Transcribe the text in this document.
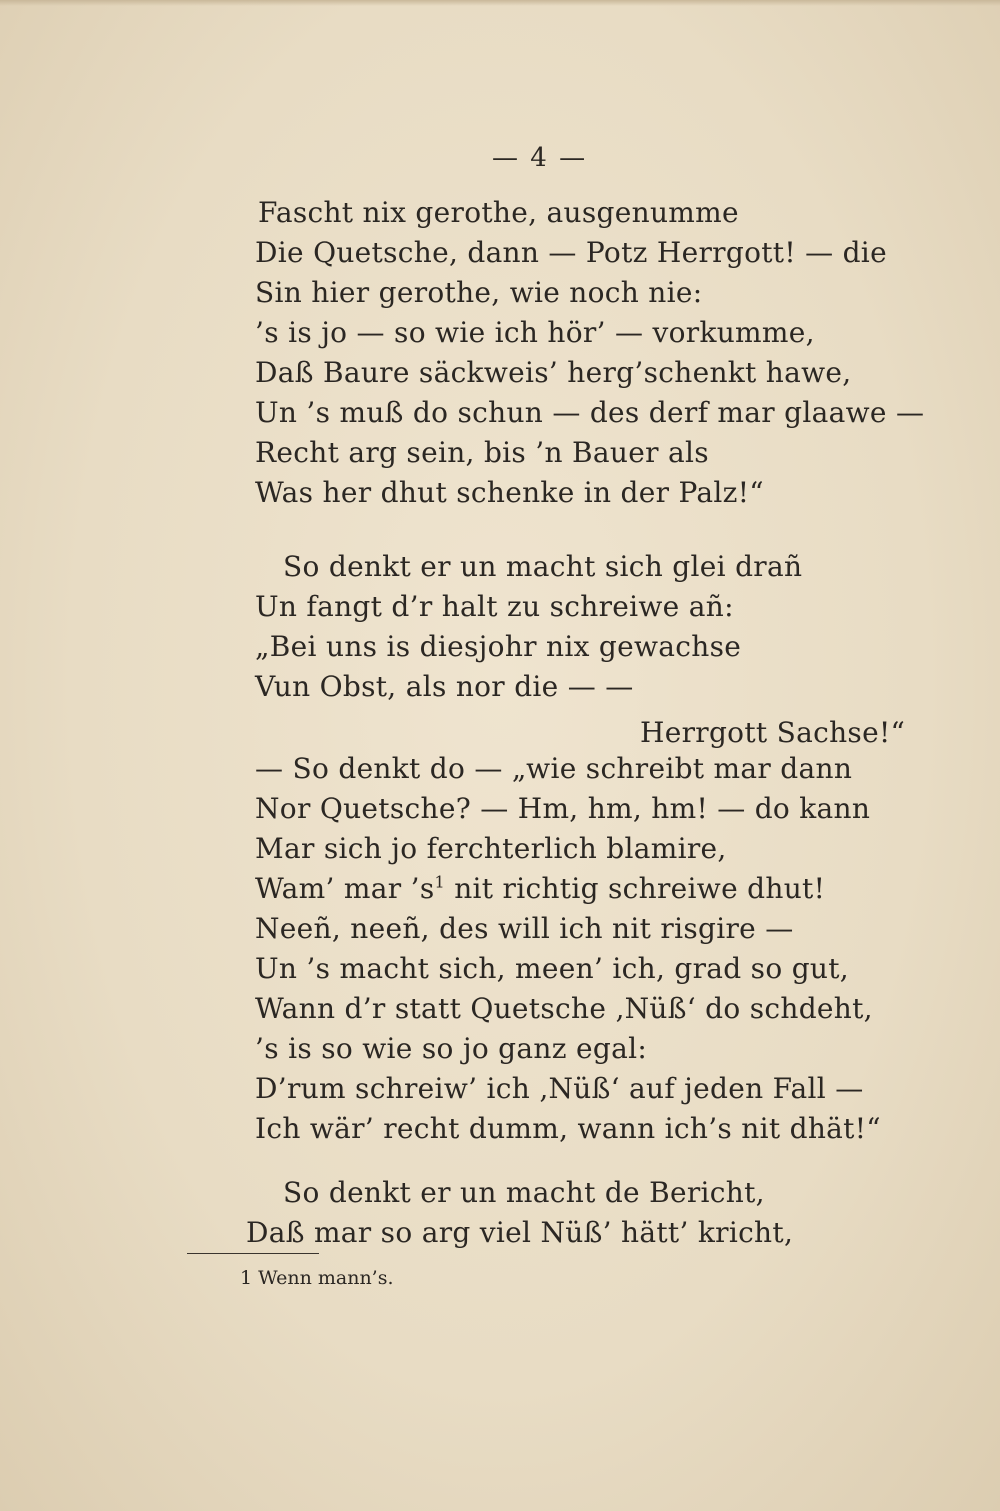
— 4 —
Fascht nix gerothe, ausgenumme
Die Quetsche, dann — Potz Herrgott! — die
Sin hier gerothe, wie noch nie:
’s is jo — so wie ich hör’ — vorkumme,
Daß Baure säckweis’ herg’schenkt hawe,
Un ’s muß do schun — des derf mar glaawe —
Recht arg sein, bis ’n Bauer als
Was her dhut schenke in der Palz!“
So denkt er un macht sich glei drañ
Un fangt d’r halt zu schreiwe añ:
„Bei uns is diesjohr nix gewachse
Vun Obst, als nor die — —
Herrgott Sachse!“
— So denkt do — „wie schreibt mar dann
Nor Quetsche? — Hm, hm, hm! — do kann
Mar sich jo ferchterlich blamire,
Wam’ mar $’s^1$ nit richtig schreiwe dhut!
Neeñ, neeñ, des will ich nit risgire —
Un ’s macht sich, meen’ ich, grad so gut,
Wann d’r statt Quetsche ‚Nüß‘ do schdeht,
’s is so wie so jo ganz egal:
D’rum schreiw’ ich ‚Nüß‘ auf jeden Fall —
Ich wär’ recht dumm, wann ich’s nit dhät!“
So denkt er un macht de Bericht,
Daß mar so arg viel Nüß’ hätt’ kricht,
1 Wenn mann’s.
